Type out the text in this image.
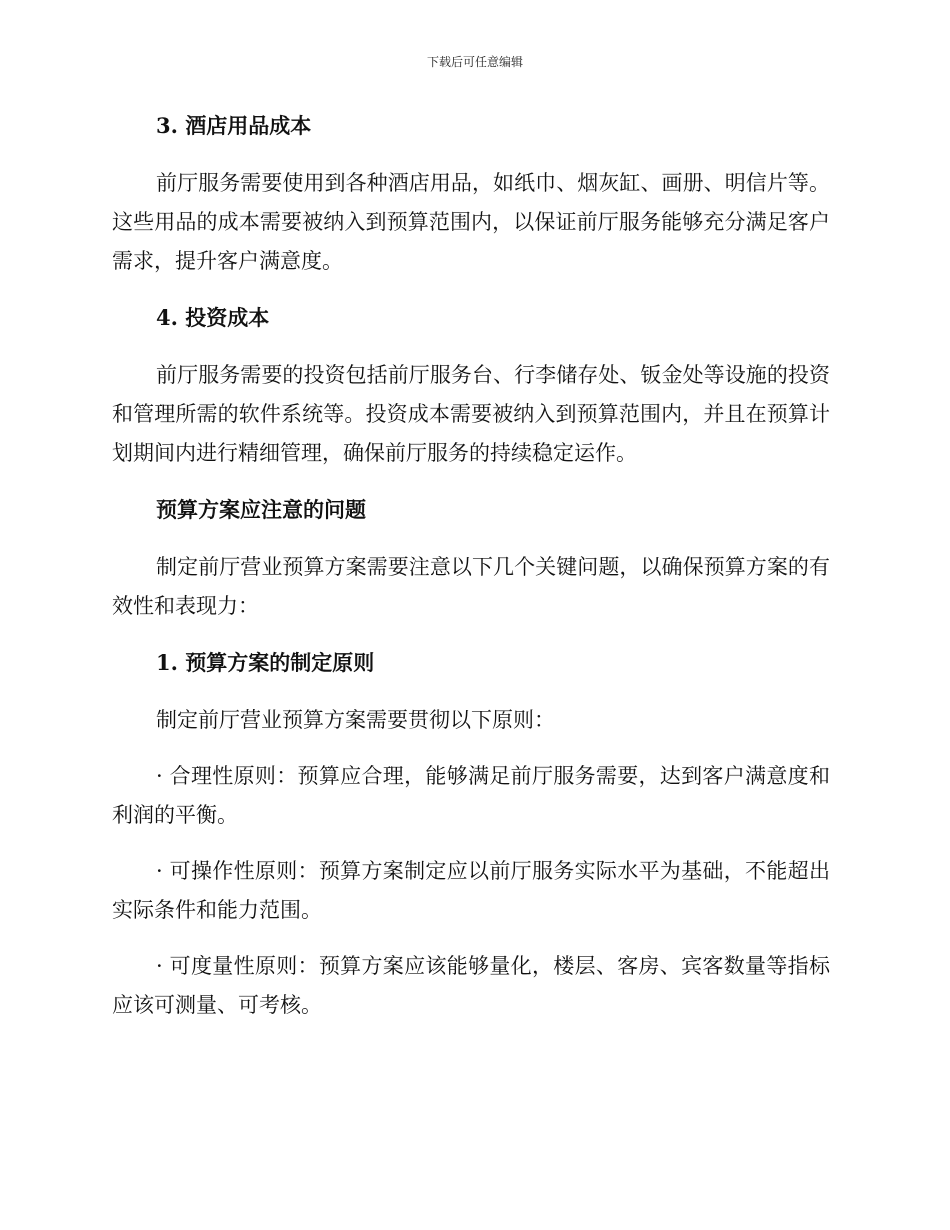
下载后可任意编辑
3. 酒店用品成本

前厅服务需要使用到各种酒店用品，如纸巾、烟灰缸、画册、明信片等。这些用品的成本需要被纳入到预算范围内，以保证前厅服务能够充分满足客户需求，提升客户满意度。

4. 投资成本

前厅服务需要的投资包括前厅服务台、行李储存处、钣金处等设施的投资和管理所需的软件系统等。投资成本需要被纳入到预算范围内，并且在预算计划期间内进行精细管理，确保前厅服务的持续稳定运作。

预算方案应注意的问题

制定前厅营业预算方案需要注意以下几个关键问题，以确保预算方案的有效性和表现力：

1. 预算方案的制定原则

制定前厅营业预算方案需要贯彻以下原则：

· 合理性原则：预算应合理，能够满足前厅服务需要，达到客户满意度和利润的平衡。

· 可操作性原则：预算方案制定应以前厅服务实际水平为基础，不能超出实际条件和能力范围。

· 可度量性原则：预算方案应该能够量化，楼层、客房、宾客数量等指标应该可测量、可考核。
